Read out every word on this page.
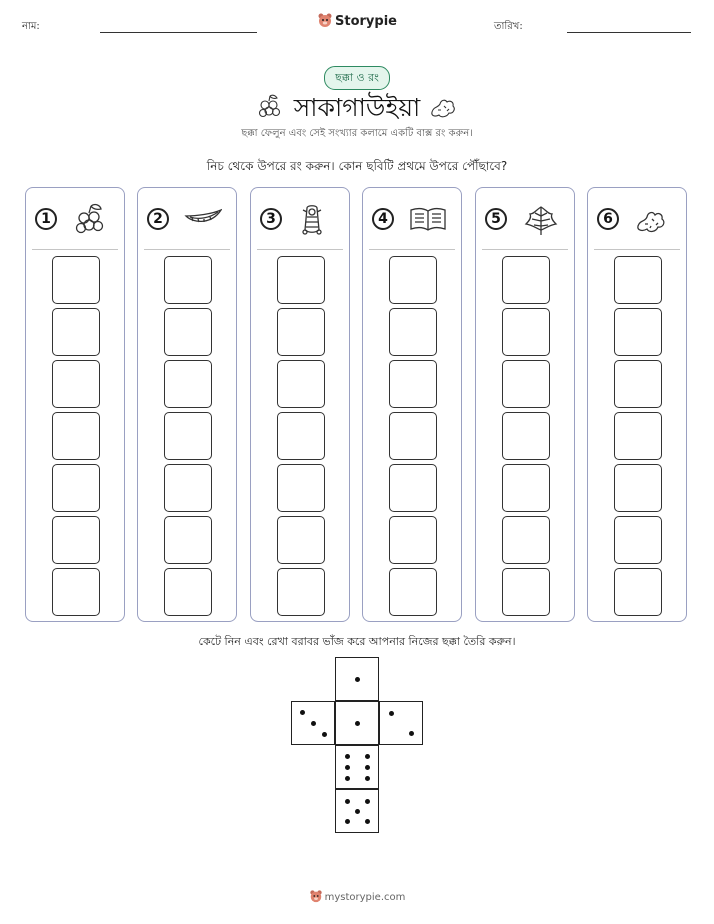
নাম:	Storypie	তারিখ:
ছক্কা ও রং
সাকাগাউইয়া
ছক্কা ফেলুন এবং সেই সংখ্যার কলামে একটি বাক্স রং করুন।
নিচ থেকে উপরে রং করুন। কোন ছবিটি প্রথমে উপরে পৌঁছাবে?
1	2	3	4	5	6
কেটে নিন এবং রেখা বরাবর ভাঁজ করে আপনার নিজের ছক্কা তৈরি করুন।
mystorypie.com
